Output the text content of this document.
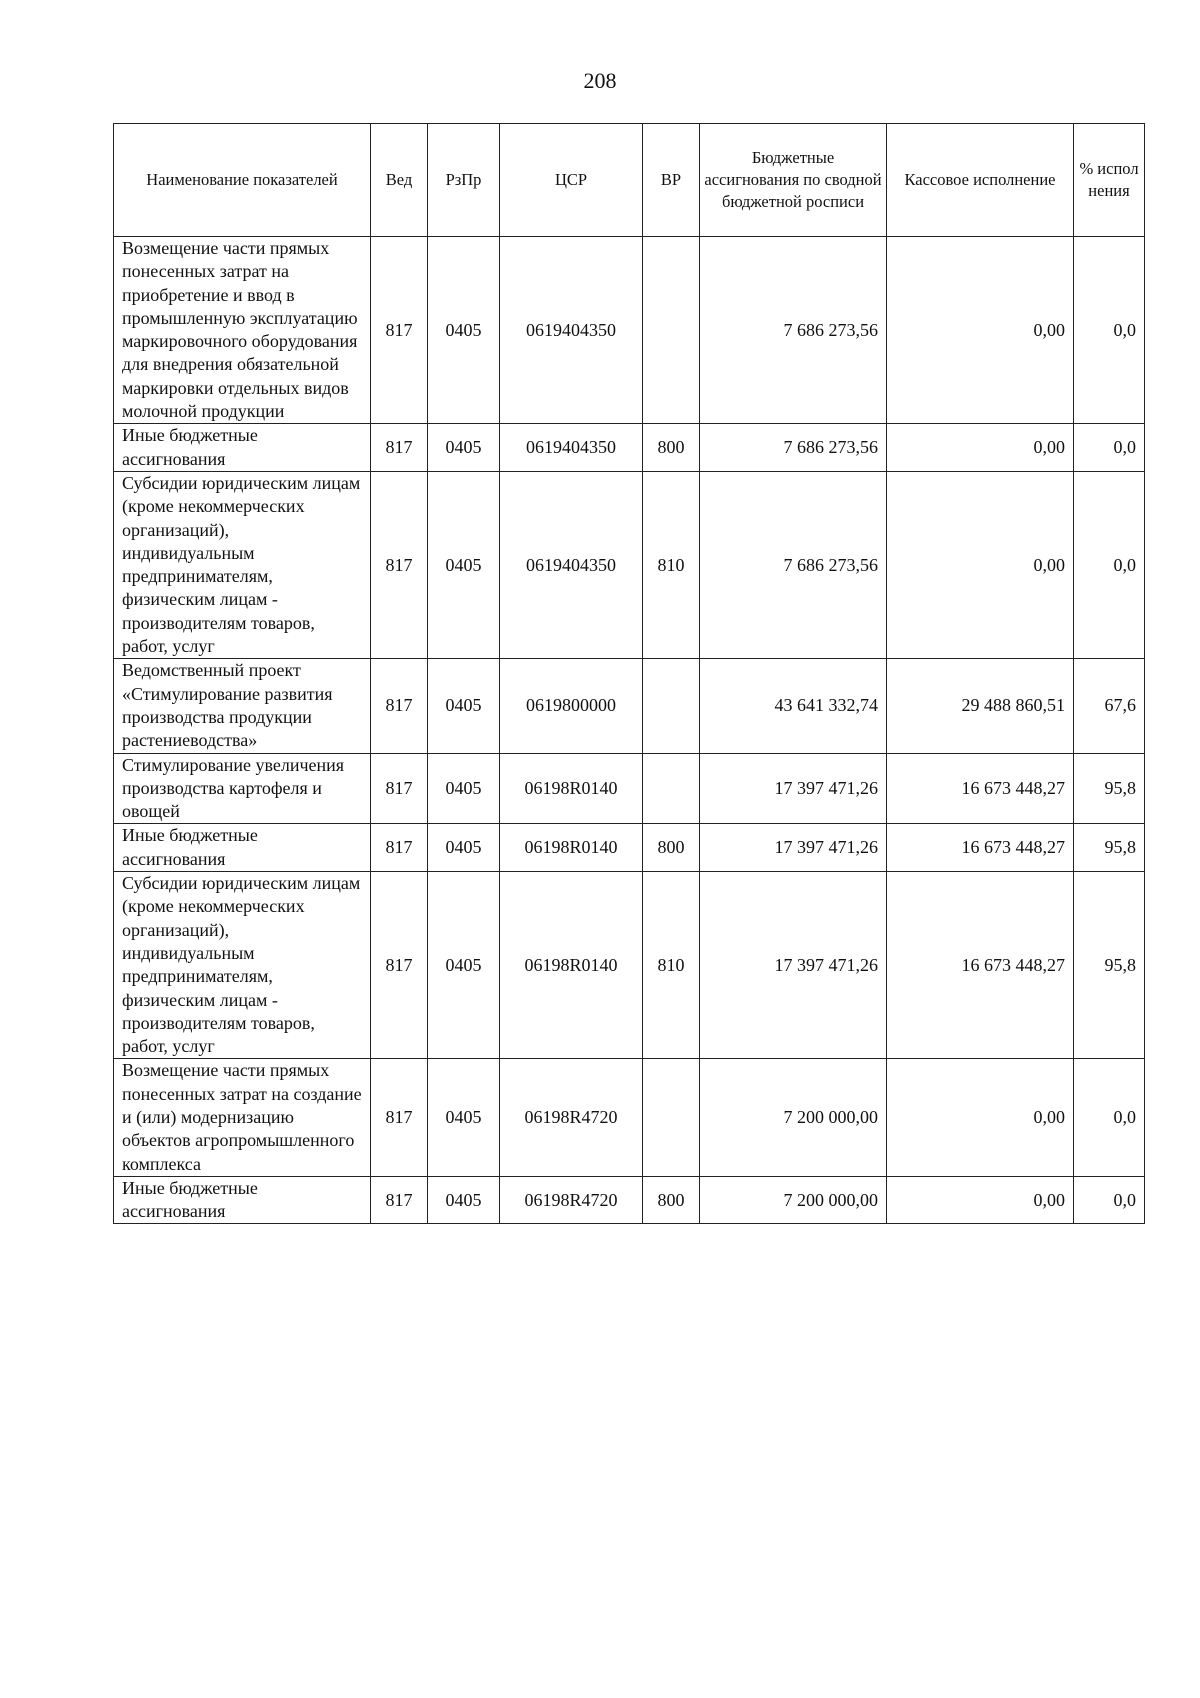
208
Наименование показателей	Вед	РзПр	ЦСР	ВР	Бюджетные ассигнования по сводной бюджетной росписи	Кассовое исполнение	% испол нения
Возмещение части прямых понесенных затрат на приобретение и ввод в промышленную эксплуатацию маркировочного оборудования для внедрения обязательной маркировки отдельных видов молочной продукции	817	0405	0619404350		7 686 273,56	0,00	0,0
Иные бюджетные ассигнования	817	0405	0619404350	800	7 686 273,56	0,00	0,0
Субсидии юридическим лицам (кроме некоммерческих организаций), индивидуальным предпринимателям, физическим лицам - производителям товаров, работ, услуг	817	0405	0619404350	810	7 686 273,56	0,00	0,0
Ведомственный проект «Стимулирование развития производства продукции растениеводства»	817	0405	0619800000		43 641 332,74	29 488 860,51	67,6
Стимулирование увеличения производства картофеля и овощей	817	0405	06198R0140		17 397 471,26	16 673 448,27	95,8
Иные бюджетные ассигнования	817	0405	06198R0140	800	17 397 471,26	16 673 448,27	95,8
Субсидии юридическим лицам (кроме некоммерческих организаций), индивидуальным предпринимателям, физическим лицам - производителям товаров, работ, услуг	817	0405	06198R0140	810	17 397 471,26	16 673 448,27	95,8
Возмещение части прямых понесенных затрат на создание и (или) модернизацию объектов агропромышленного комплекса	817	0405	06198R4720		7 200 000,00	0,00	0,0
Иные бюджетные ассигнования	817	0405	06198R4720	800	7 200 000,00	0,00	0,0
